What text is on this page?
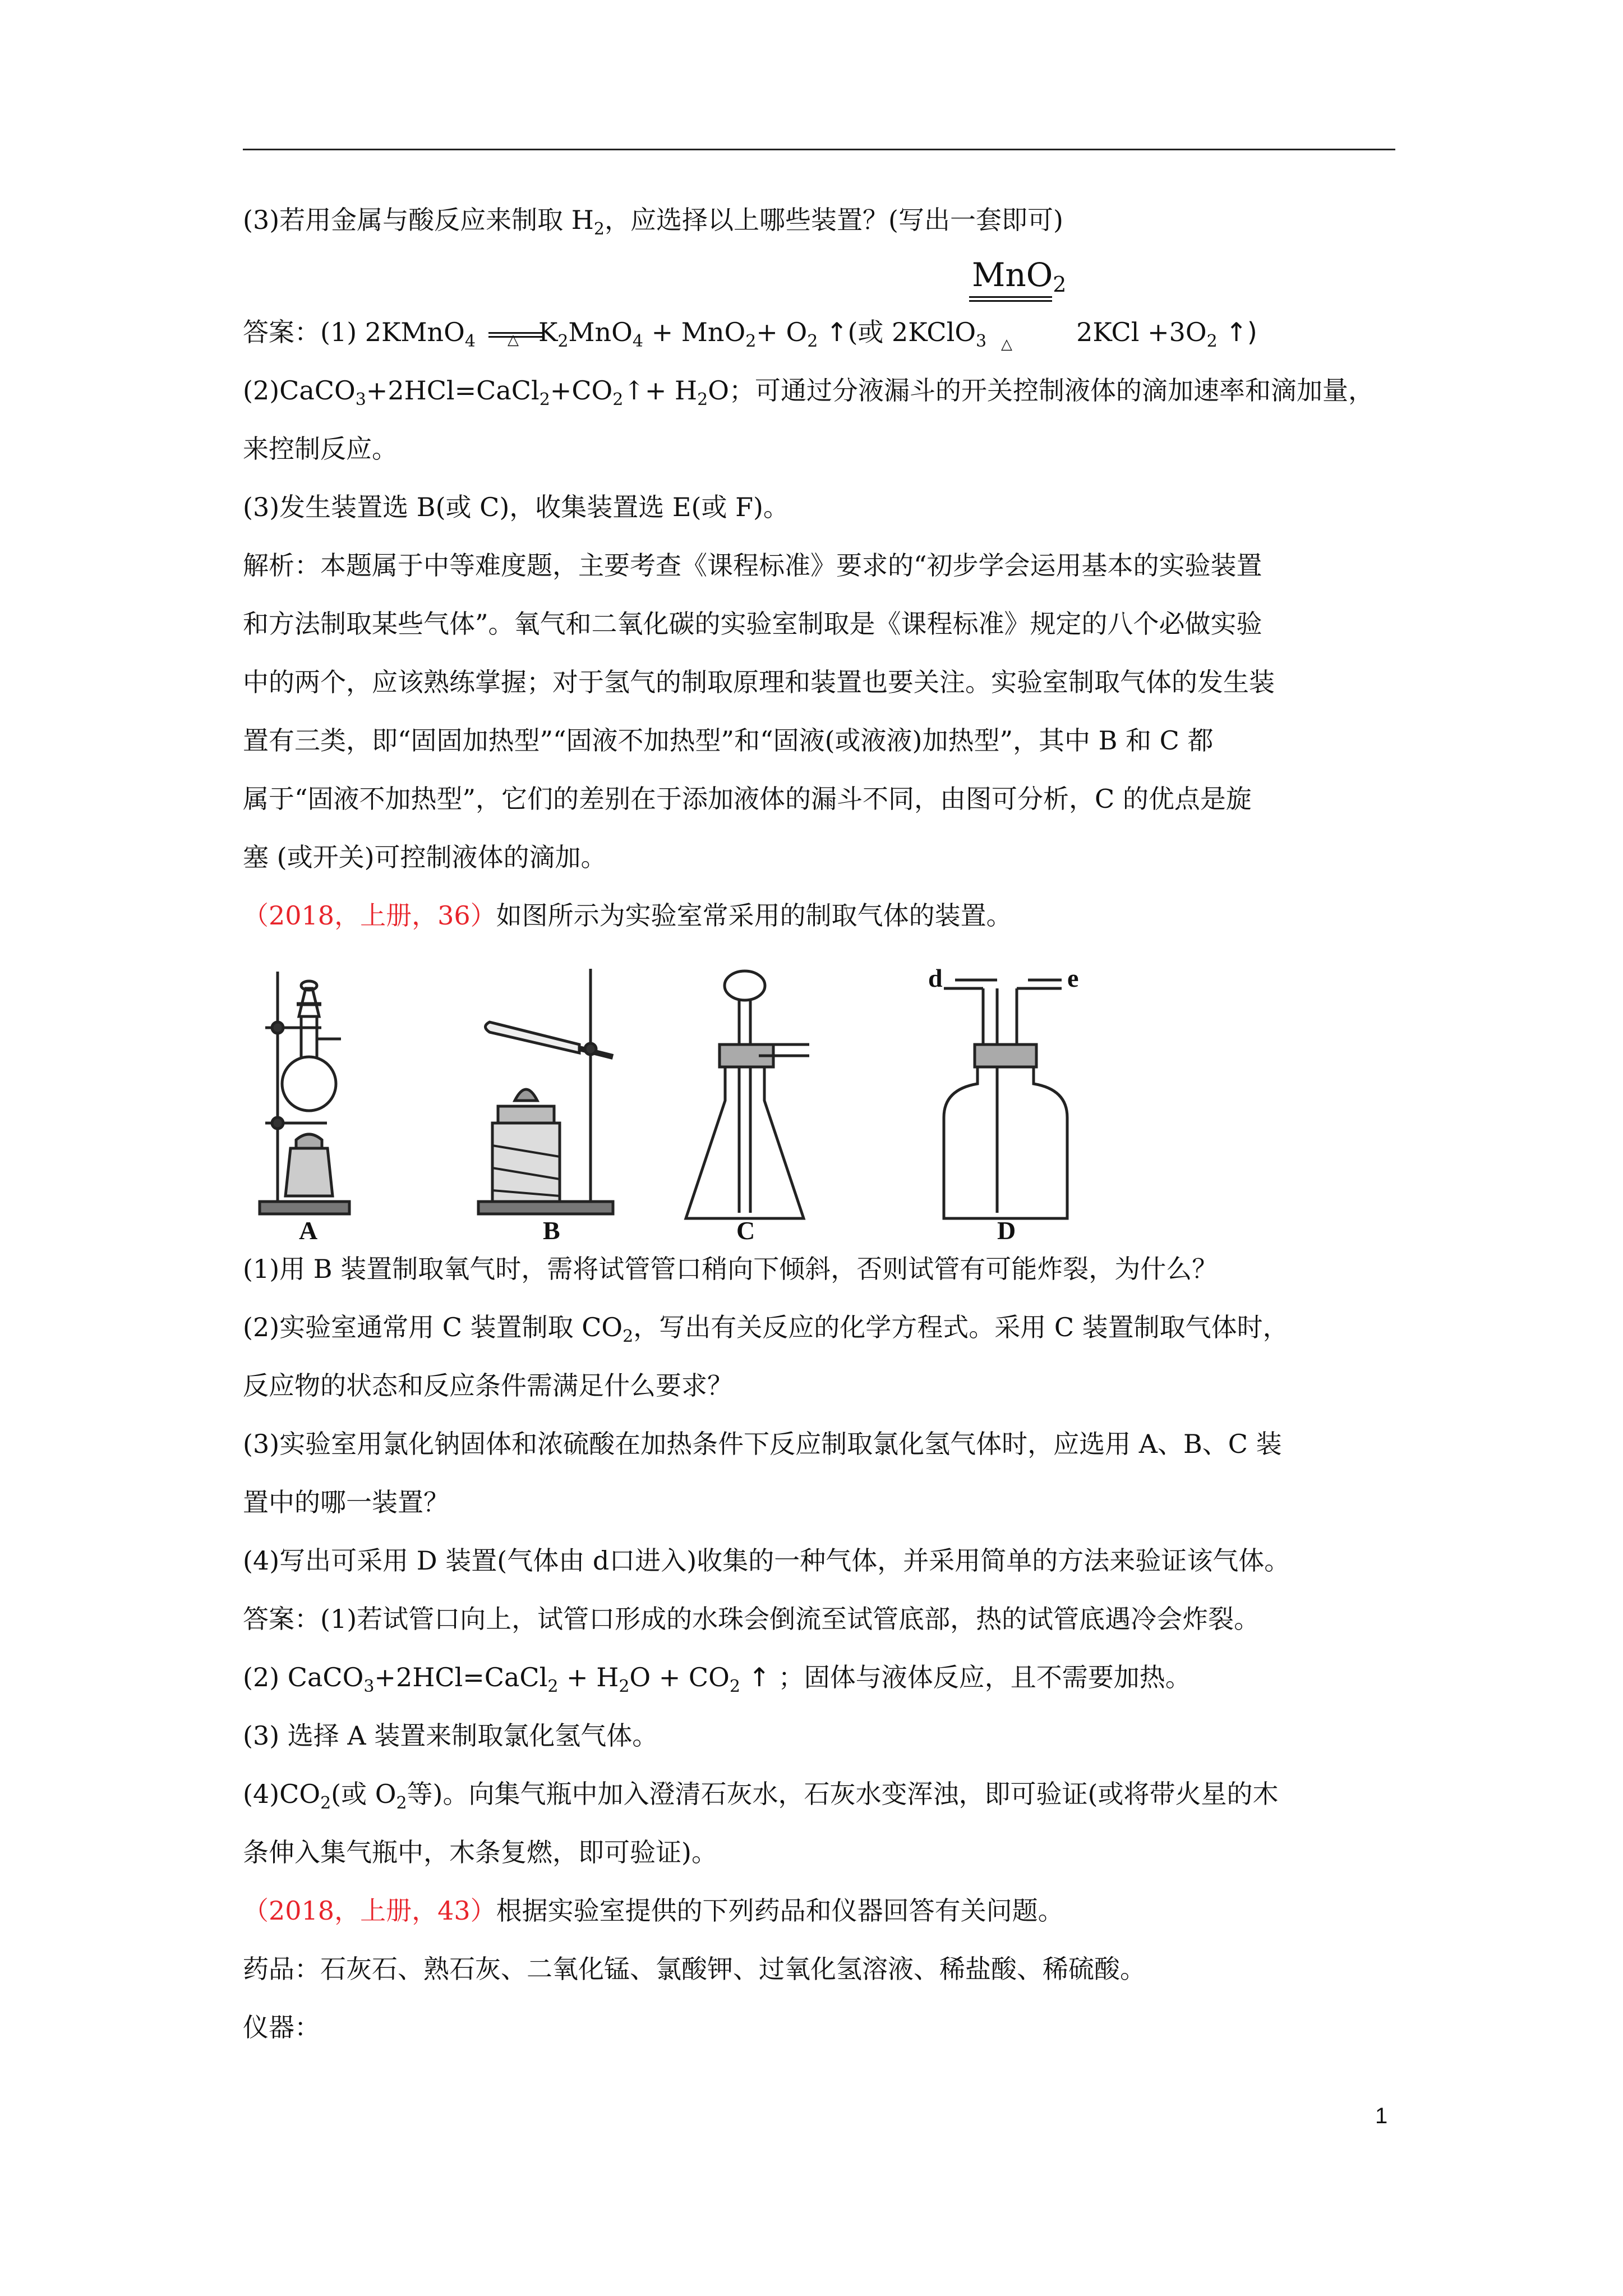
(3)若用金属与酸反应来制取 $H_2$，应选择以上哪些装置？(写出一套即可)

MnO$_2$
△
△
答案：(1) 2KMnO$_4$ $K_2MnO_4 + MnO_2+ O_2$ ↑(或 2KClO$_3$	$2KCl +3O_2$ ↑)

$(2)CaCO_3+2HCl=CaCl_2+CO_2↑+ H_2O$；可通过分液漏斗的开关控制液体的滴加速率和滴加量，

来控制反应。

(3)发生装置选 B(或 C)，收集装置选 E(或 F)。

解析：本题属于中等难度题，主要考查《课程标准》要求的“初步学会运用基本的实验装置

和方法制取某些气体”。氧气和二氧化碳的实验室制取是《课程标准》规定的八个必做实验

中的两个，应该熟练掌握；对于氢气的制取原理和装置也要关注。实验室制取气体的发生装

置有三类，即“固固加热型”“固液不加热型”和“固液(或液液)加热型”，其中 B 和 C 都

属于“固液不加热型”，它们的差别在于添加液体的漏斗不同，由图可分析，C 的优点是旋

塞 (或开关)可控制液体的滴加。

（2018，上册，36）如图所示为实验室常采用的制取气体的装置。

A	B	C	D
d	e

(1)用 B 装置制取氧气时，需将试管管口稍向下倾斜，否则试管有可能炸裂，为什么？

(2)实验室通常用 C 装置制取 $CO_2$，写出有关反应的化学方程式。采用 C 装置制取气体时，

反应物的状态和反应条件需满足什么要求？

(3)实验室用氯化钠固体和浓硫酸在加热条件下反应制取氯化氢气体时，应选用 A、B、C 装

置中的哪一装置？

(4)写出可采用 D 装置(气体由 d口进入)收集的一种气体，并采用简单的方法来验证该气体。

答案：(1)若试管口向上，试管口形成的水珠会倒流至试管底部，热的试管底遇冷会炸裂。

(2) CaCO$_3$+2HCl=CaCl$_2$ + $H_2O + CO_2$ ↑ ；固体与液体反应，且不需要加热。

(3) 选择 A 装置来制取氯化氢气体。

$(4)CO_2$(或 $O_2$等)。向集气瓶中加入澄清石灰水，石灰水变浑浊，即可验证(或将带火星的木

条伸入集气瓶中，木条复燃，即可验证)。

（2018，上册，43）根据实验室提供的下列药品和仪器回答有关问题。

药品：石灰石、熟石灰、二氧化锰、氯酸钾、过氧化氢溶液、稀盐酸、稀硫酸。

仪器：

1
